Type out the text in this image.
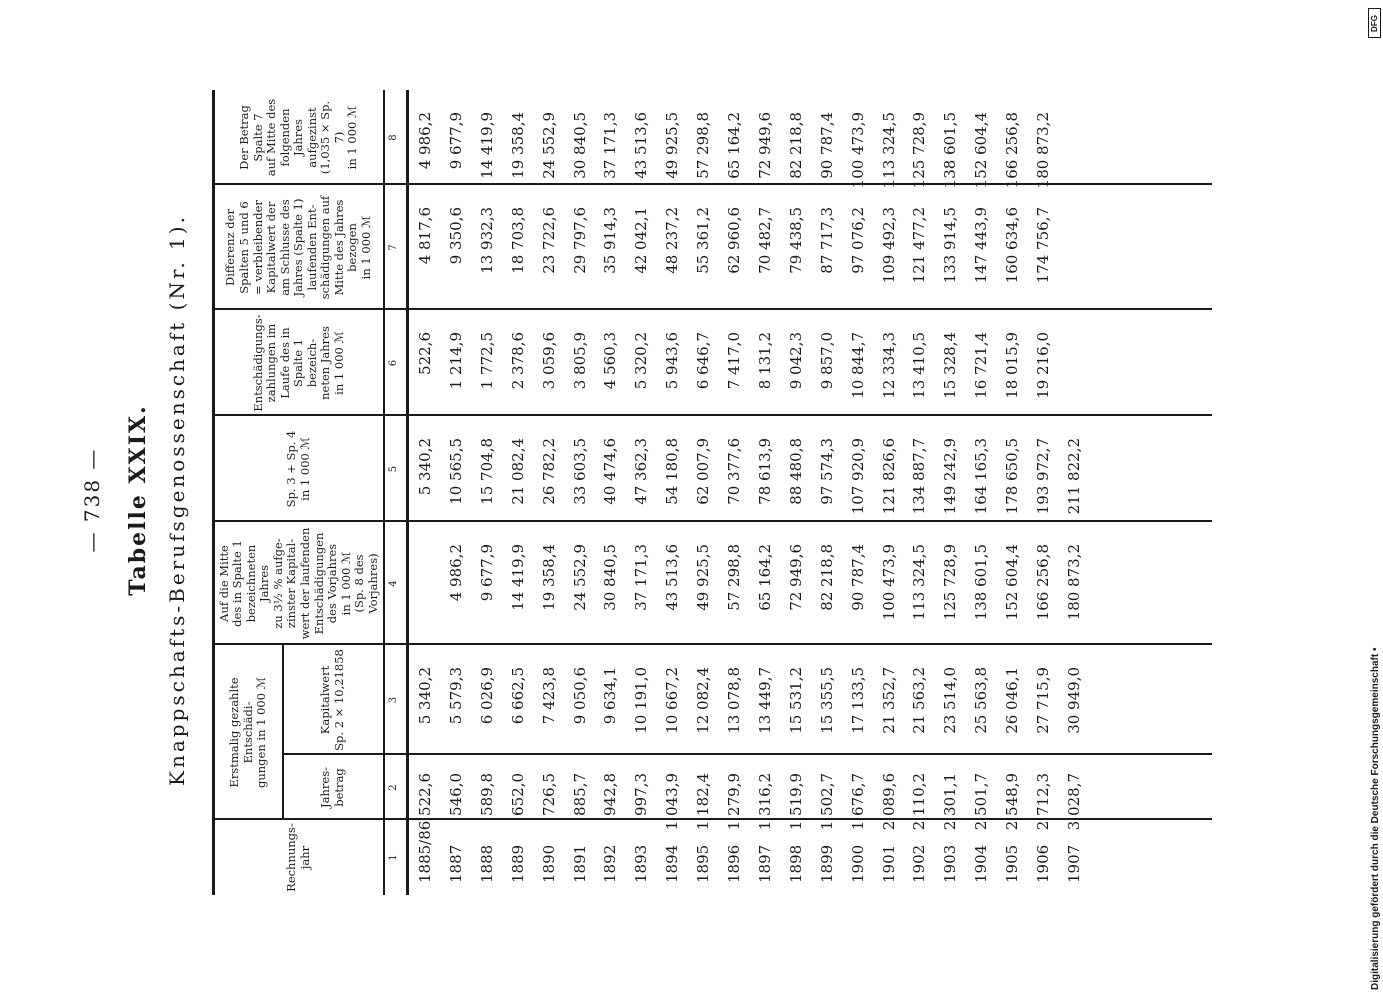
— 738 — Tabelle XXIX. Knappschafts-Berufsgenossenschaft (Nr. 1).
Rechnungs-
jahr
Jahres-
betrag
Kapitalwert
Sp. 2 × 10,21858
Auf die Mitte
des in Spalte 1
bezeichneten Jahres
zu 3½ % aufge-
zinster Kapital-
wert der laufenden
Entschädigungen
des Vorjahres
in 1 000 ℳ
(Sp. 8 des Vorjahres)
Sp. 3 + Sp. 4
in 1 000 ℳ
Entschädigungs-
zahlungen im
Laufe des in
Spalte 1 bezeich-
neten Jahres
in 1 000 ℳ
Differenz der
Spalten 5 und 6
= verbleibender
Kapitalwert der
am Schlusse des
Jahres (Spalte 1)
laufenden Ent-
schädigungen auf
Mitte des Jahres
bezogen
in 1 000 ℳ
Der Betrag
Spalte 7
auf Mitte des
folgenden Jahres
aufgezinst
(1,035 × Sp. 7)
in 1 000 ℳ
Erstmalig gezahlte Entschädi-
gungen in 1 000 ℳ
1
2
3
4
5
6
7
8
1885/86
522,6
5 340,2
5 340,2
522,6
4 817,6
4 986,2
1887
546,0
5 579,3
4 986,2
10 565,5
1 214,9
9 350,6
9 677,9
1888
589,8
6 026,9
9 677,9
15 704,8
1 772,5
13 932,3
14 419,9
1889
652,0
6 662,5
14 419,9
21 082,4
2 378,6
18 703,8
19 358,4
1890
726,5
7 423,8
19 358,4
26 782,2
3 059,6
23 722,6
24 552,9
1891
885,7
9 050,6
24 552,9
33 603,5
3 805,9
29 797,6
30 840,5
1892
942,8
9 634,1
30 840,5
40 474,6
4 560,3
35 914,3
37 171,3
1893
997,3
10 191,0
37 171,3
47 362,3
5 320,2
42 042,1
43 513,6
1894
1 043,9
10 667,2
43 513,6
54 180,8
5 943,6
48 237,2
49 925,5
1895
1 182,4
12 082,4
49 925,5
62 007,9
6 646,7
55 361,2
57 298,8
1896
1 279,9
13 078,8
57 298,8
70 377,6
7 417,0
62 960,6
65 164,2
1897
1 316,2
13 449,7
65 164,2
78 613,9
8 131,2
70 482,7
72 949,6
1898
1 519,9
15 531,2
72 949,6
88 480,8
9 042,3
79 438,5
82 218,8
1899
1 502,7
15 355,5
82 218,8
97 574,3
9 857,0
87 717,3
90 787,4
1900
1 676,7
17 133,5
90 787,4
107 920,9
10 844,7
97 076,2
100 473,9
1901
2 089,6
21 352,7
100 473,9
121 826,6
12 334,3
109 492,3
113 324,5
1902
2 110,2
21 563,2
113 324,5
134 887,7
13 410,5
121 477,2
125 728,9
1903
2 301,1
23 514,0
125 728,9
149 242,9
15 328,4
133 914,5
138 601,5
1904
2 501,7
25 563,8
138 601,5
164 165,3
16 721,4
147 443,9
152 604,4
1905
2 548,9
26 046,1
152 604,4
178 650,5
18 015,9
160 634,6
166 256,8
1906
2 712,3
27 715,9
166 256,8
193 972,7
19 216,0
174 756,7
180 873,2
1907
3 028,7
30 949,0
180 873,2
211 822,2
DFG
Digitalisierung gefördert durch die Deutsche Forschungsgemeinschaft •
